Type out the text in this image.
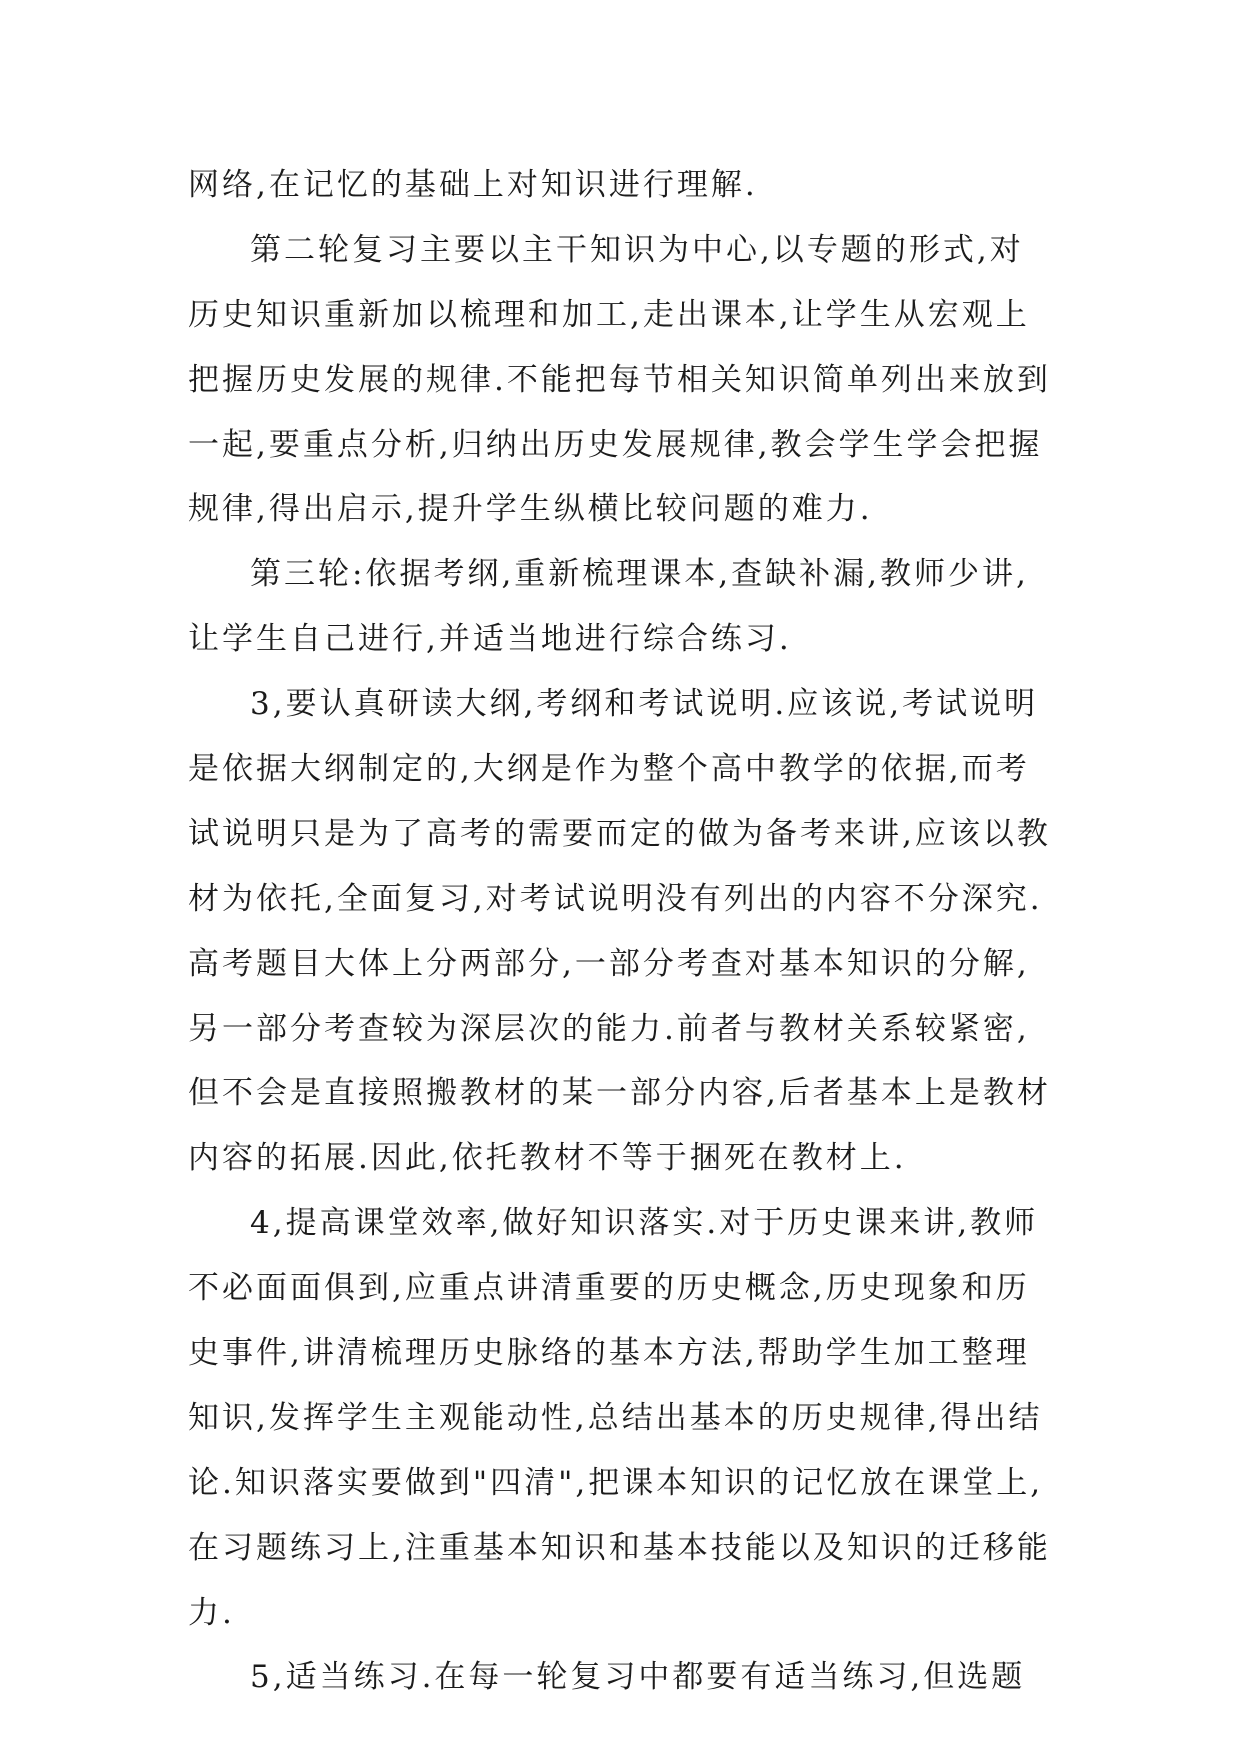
网络,在记忆的基础上对知识进行理解.
第二轮复习主要以主干知识为中心,以专题的形式,对
历史知识重新加以梳理和加工,走出课本,让学生从宏观上
把握历史发展的规律.不能把每节相关知识简单列出来放到
一起,要重点分析,归纳出历史发展规律,教会学生学会把握
规律,得出启示,提升学生纵横比较问题的难力.
第三轮:依据考纲,重新梳理课本,查缺补漏,教师少讲,
让学生自己进行,并适当地进行综合练习.
3,要认真研读大纲,考纲和考试说明.应该说,考试说明
是依据大纲制定的,大纲是作为整个高中教学的依据,而考
试说明只是为了高考的需要而定的做为备考来讲,应该以教
材为依托,全面复习,对考试说明没有列出的内容不分深究.
高考题目大体上分两部分,一部分考查对基本知识的分解,
另一部分考查较为深层次的能力.前者与教材关系较紧密,
但不会是直接照搬教材的某一部分内容,后者基本上是教材
内容的拓展.因此,依托教材不等于捆死在教材上.
4,提高课堂效率,做好知识落实.对于历史课来讲,教师
不必面面俱到,应重点讲清重要的历史概念,历史现象和历
史事件,讲清梳理历史脉络的基本方法,帮助学生加工整理
知识,发挥学生主观能动性,总结出基本的历史规律,得出结
论.知识落实要做到"四清",把课本知识的记忆放在课堂上,
在习题练习上,注重基本知识和基本技能以及知识的迁移能
力.
5,适当练习.在每一轮复习中都要有适当练习,但选题
